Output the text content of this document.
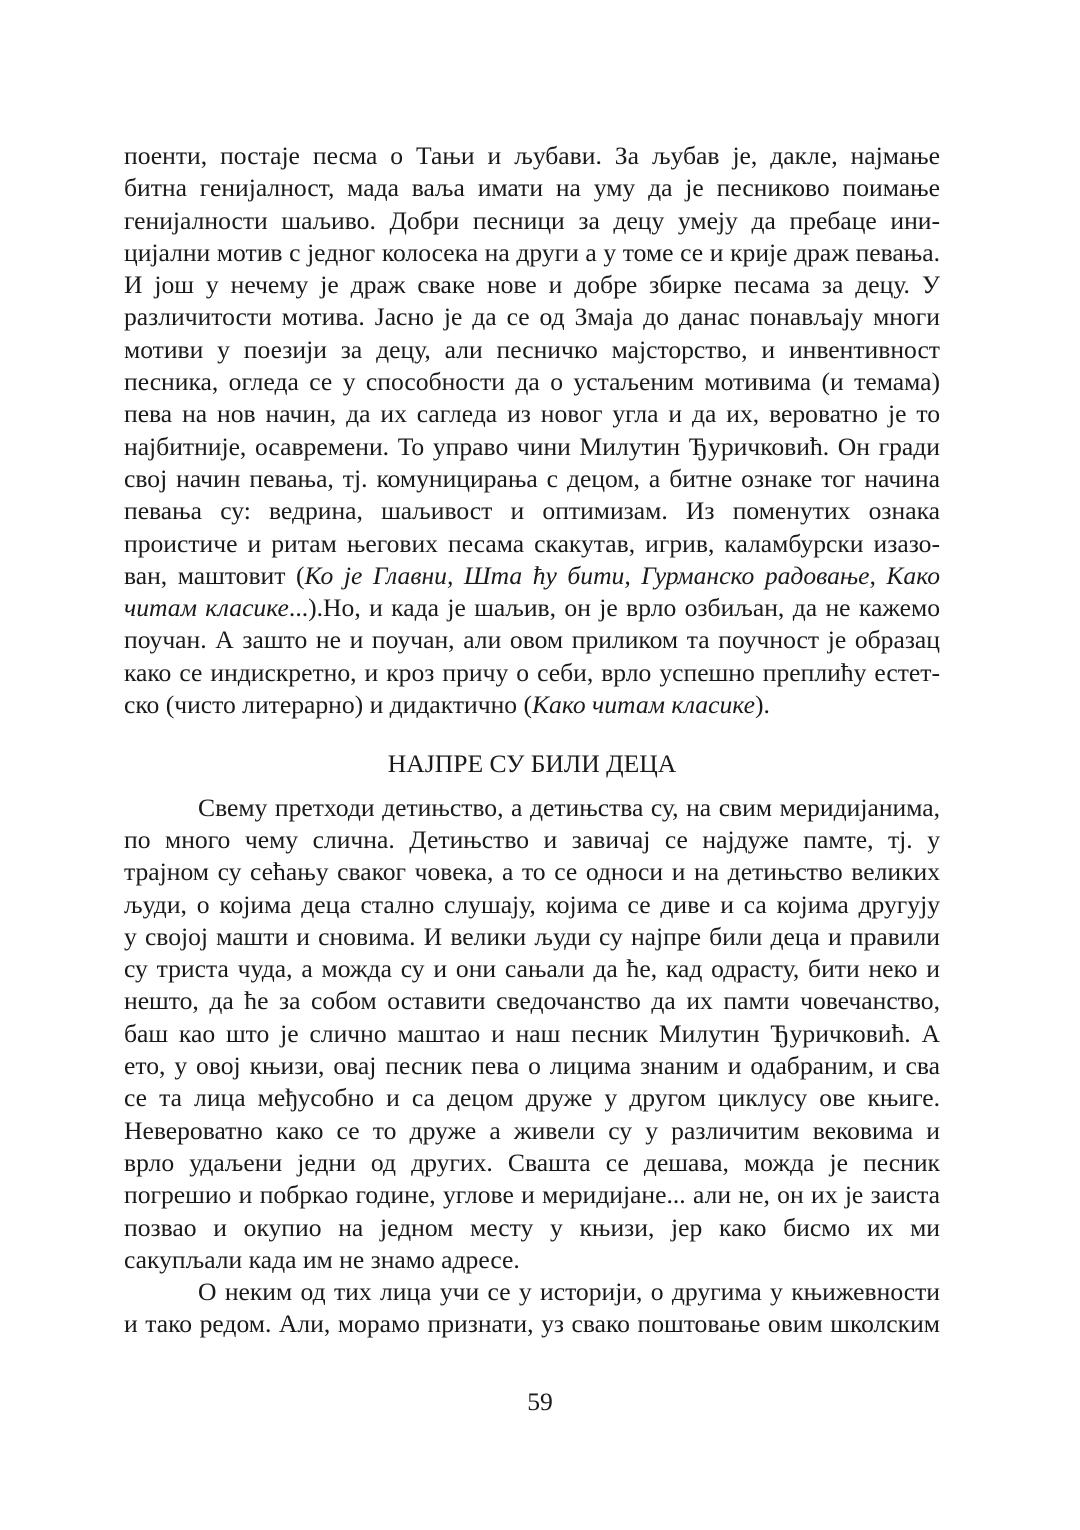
поенти, постаје песма о Тањи и љубави. За љубав је, дакле, најмање
битна генијалност, мада ваља имати на уму да је песниково поимање
генијалности шаљиво. Добри песници за децу умеју да пребаце ини-
цијални мотив с једног колосека на други а у томе се и крије драж певања.
И још у нечему је драж сваке нове и добре збирке песама за децу. У
различитости мотива. Јасно је да се од Змаја до данас понављају многи
мотиви у поезији за децу, али песничко мајсторство, и инвентивност
песника, огледа се у способности да о устаљеним мотивима (и темама)
пева на нов начин, да их сагледа из новог угла и да их, вероватно је то
најбитније, осавремени. То управо чини Милутин Ђуричковић. Он гради
свој начин певања, тј. комуницирања с децом, а битне ознаке тог начина
певања су: ведрина, шаљивост и оптимизам. Из поменутих ознака
проистиче и ритам његових песама скакутав, игрив, каламбурски изазо-
ван, маштовит (Ко је Главни, Шта ћу бити, Гурманско радовање, Како
читам класике...).Но, и када је шаљив, он је врло озбиљан, да не кажемо
поучан. А зашто не и поучан, али овом приликом та поучност је образац
како се индискретно, и кроз причу о себи, врло успешно преплићу естет-
ско (чисто литерарно) и дидактично (Како читам класике).
НАЈПРЕ СУ БИЛИ ДЕЦА
Свему претходи детињство, а детињства су, на свим меридијанима,
по много чему слична. Детињство и завичај се најдуже памте, тј. у
трајном су сећању сваког човека, а то се односи и на детињство великих
људи, о којима деца стално слушају, којима се диве и са којима другују
у својој машти и сновима. И велики људи су најпре били деца и правили
су триста чуда, а можда су и они сањали да ће, кад одрасту, бити неко и
нешто, да ће за собом оставити сведочанство да их памти човечанство,
баш као што је слично маштао и наш песник Милутин Ђуричковић. А
ето, у овој књизи, овај песник пева о лицима знаним и одабраним, и сва
се та лица међусобно и са децом друже у другом циклусу ове књиге.
Невероватно како се то друже а живели су у различитим вековима и
врло удаљени једни од других. Свашта се дешава, можда је песник
погрешио и побркао године, углове и меридијане... али не, он их је заиста
позвао и окупио на једном месту у књизи, јер како бисмо их ми
сакупљали када им не знамо адресе.
О неким од тих лица учи се у историји, о другима у књижевности
и тако редом. Али, морамо признати, уз свако поштовање овим школским
59
